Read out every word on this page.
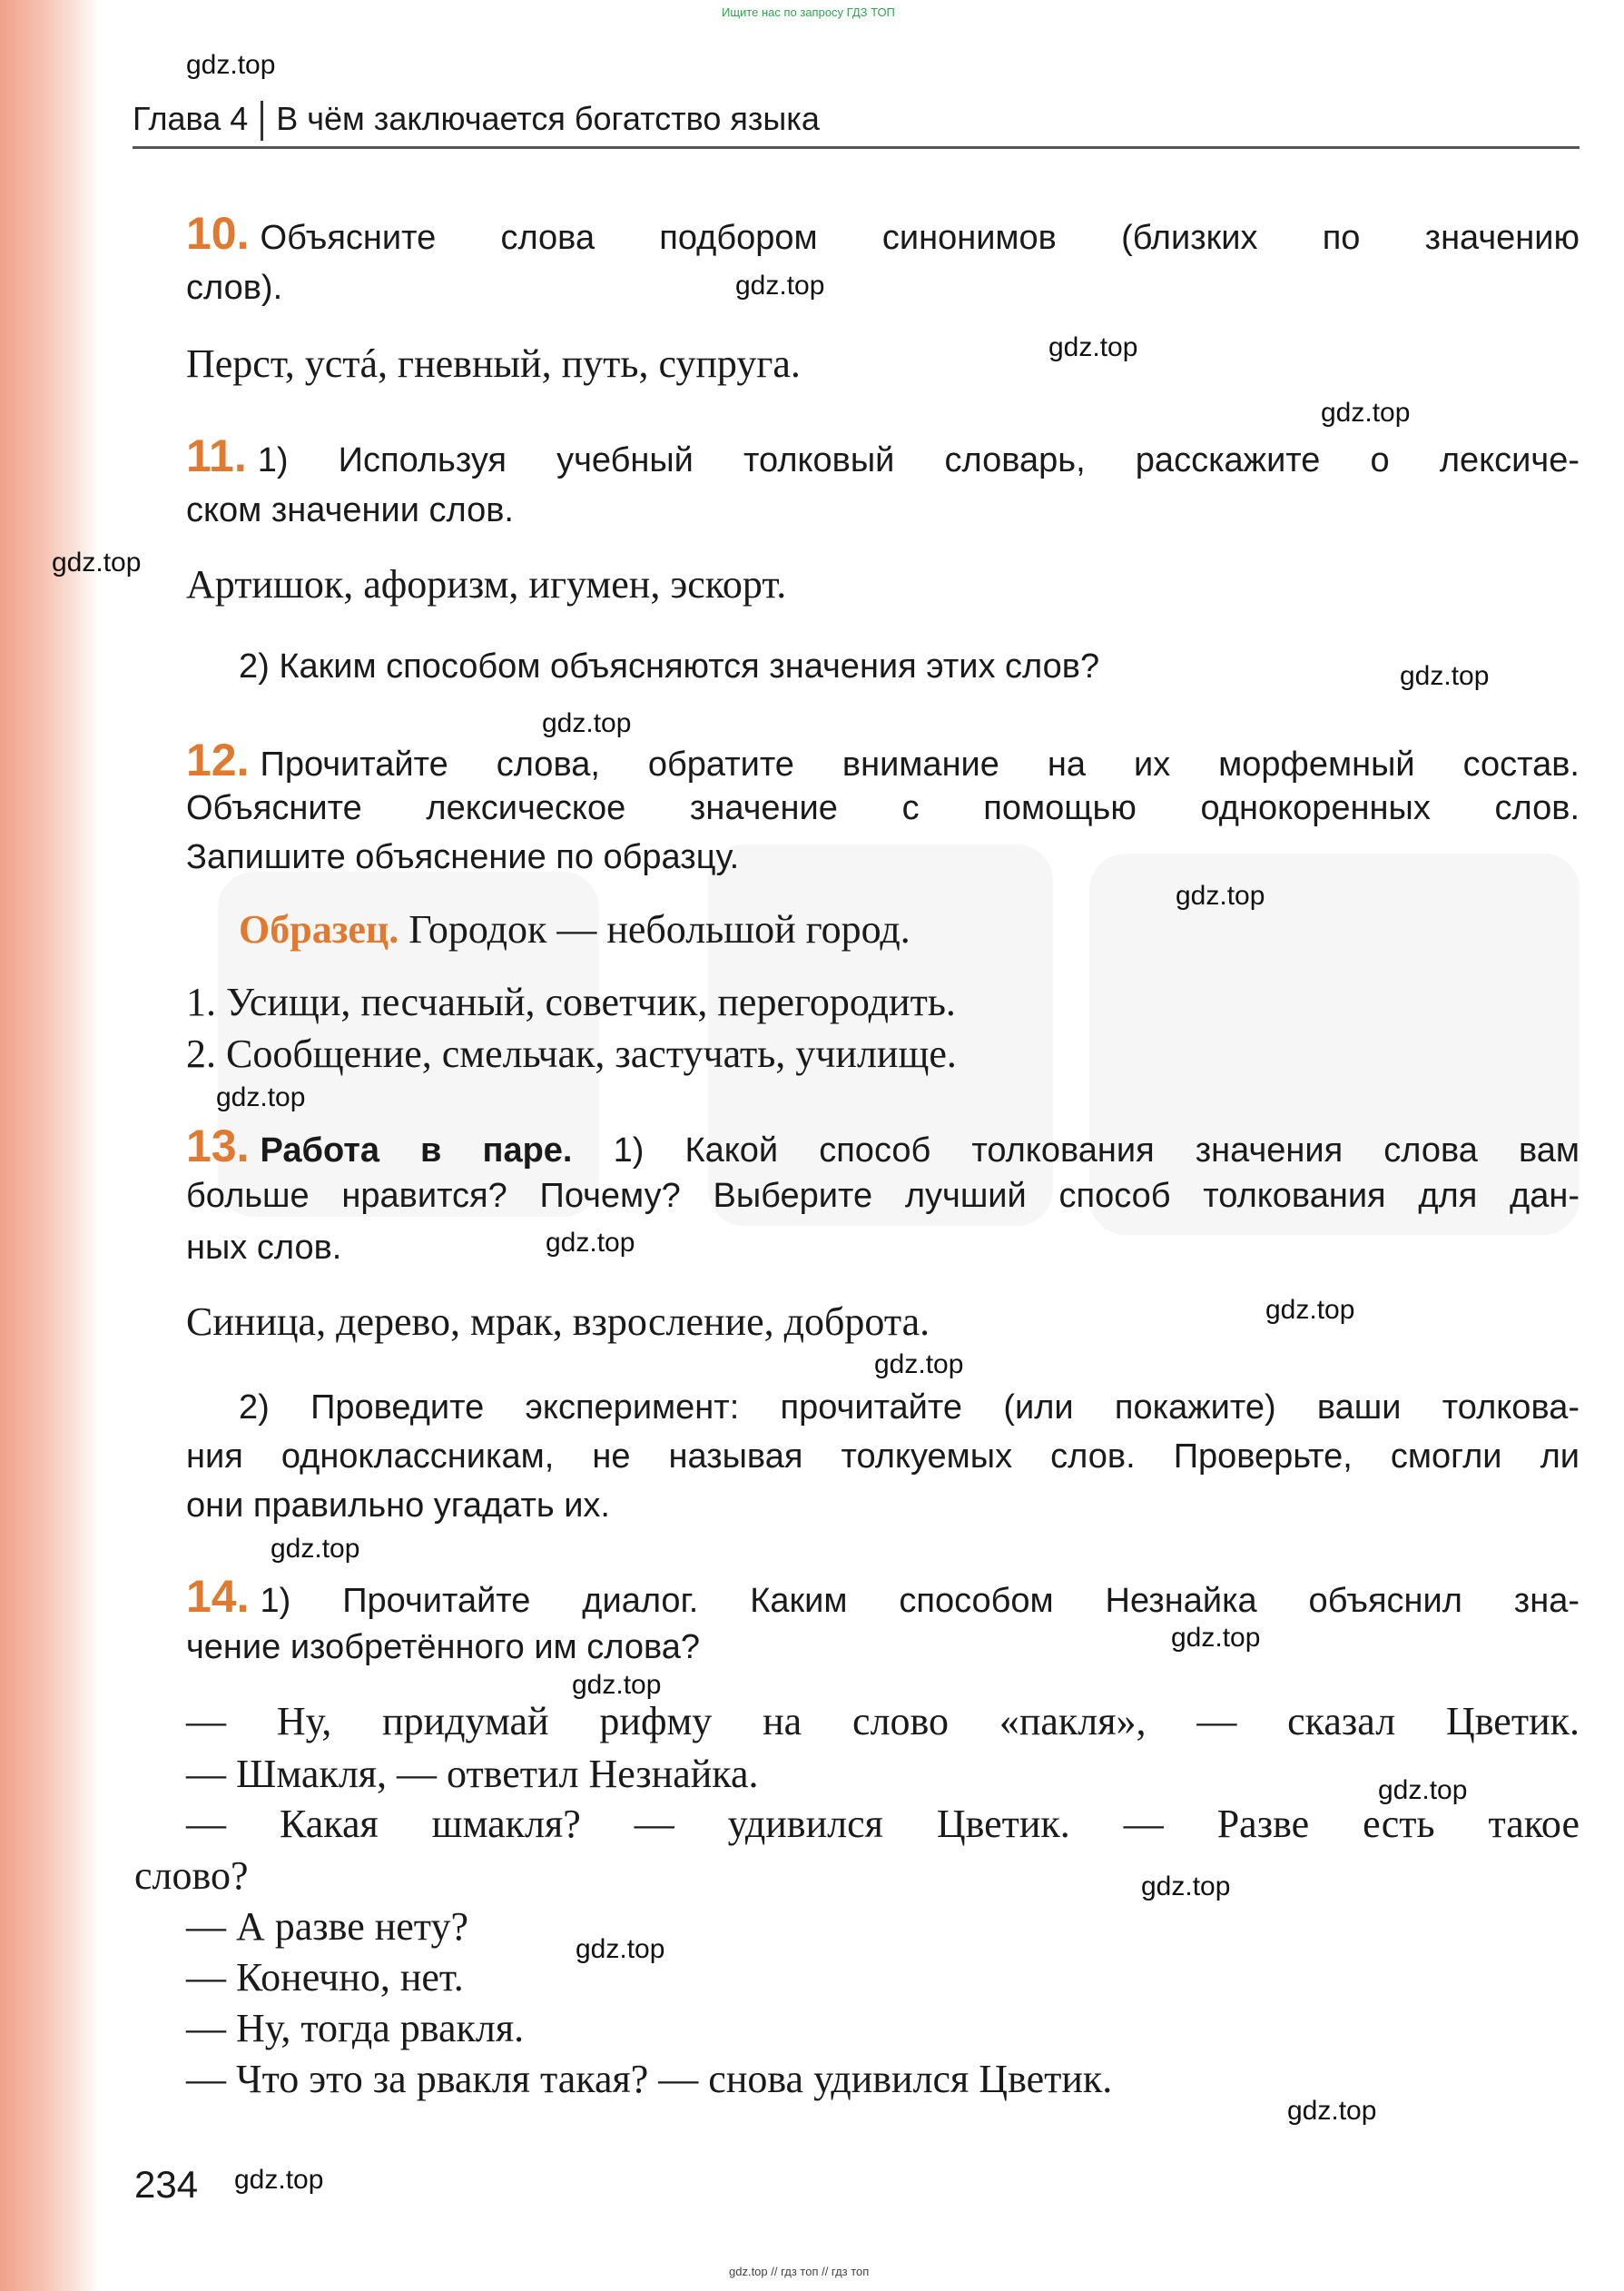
Ищите нас по запросу ГДЗ ТОП
gdz.top
gdz.top
gdz.top
gdz.top
gdz.top
gdz.top
gdz.top
gdz.top
gdz.top
gdz.top
gdz.top
gdz.top
gdz.top
gdz.top
gdz.top
gdz.top
gdz.top
gdz.top
gdz.top
gdz.top
Глава 4 В чём заключается богатство языка
10. Объясните слова подбором синонимов (близких по значению
слов).
Перст, устá, гневный, путь, супруга.
11. 1) Используя учебный толковый словарь, расскажите о лексиче-
ском значении слов.
Артишок, афоризм, игумен, эскорт.
2) Каким способом объясняются значения этих слов?
12. Прочитайте слова, обратите внимание на их морфемный состав.
Объясните лексическое значение с помощью однокоренных слов.
Запишите объяснение по образцу.
Образец. Городок — небольшой город.
1. Усищи, песчаный, советчик, перегородить.
2. Сообщение, смельчак, застучать, училище.
13. Работа в паре. 1) Какой способ толкования значения слова вам
больше нравится? Почему? Выберите лучший способ толкования для дан-
ных слов.
Синица, дерево, мрак, взросление, доброта.
2) Проведите эксперимент: прочитайте (или покажите) ваши толкова-
ния одноклассникам, не называя толкуемых слов. Проверьте, смогли ли
они правильно угадать их.
14. 1) Прочитайте диалог. Каким способом Незнайка объяснил зна-
чение изобретённого им слова?
— Ну, придумай рифму на слово «пакля», — сказал Цветик.
— Шмакля, — ответил Незнайка.
— Какая шмакля? — удивился Цветик. — Разве есть такое
слово?
— А разве нету?
— Конечно, нет.
— Ну, тогда рвакля.
— Что это за рвакля такая? — снова удивился Цветик.
234
gdz.top // гдз топ // гдз топ
